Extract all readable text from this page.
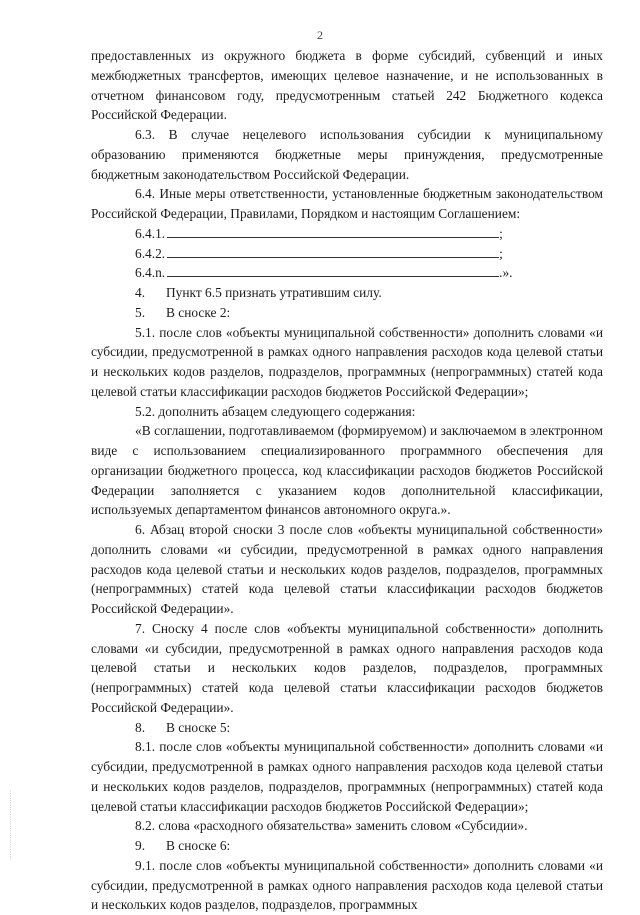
2
…………………………

предоставленных из окружного бюджета в форме субсидий, субвенций и иных межбюджетных трансфертов, имеющих целевое назначение, и не использованных в отчетном финансовом году, предусмотренным статьей 242 Бюджетного кодекса Российской Федерации.

6.3. В случае нецелевого использования субсидии к муниципальному образованию применяются бюджетные меры принуждения, предусмотренные бюджетным законодательством Российской Федерации.

6.4. Иные меры ответственности, установленные бюджетным законодательством Российской Федерации, Правилами, Порядком и настоящим Соглашением:

6.4.1.	;

6.4.2.	;

6.4.n.	.».

4. Пункт 6.5 признать утратившим силу.

5. В сноске 2:

5.1. после слов «объекты муниципальной собственности» дополнить словами «и субсидии, предусмотренной в рамках одного направления расходов кода целевой статьи и нескольких кодов разделов, подразделов, программных (непрограммных) статей кода целевой статьи классификации расходов бюджетов Российской Федерации»;

5.2. дополнить абзацем следующего содержания:

«В соглашении, подготавливаемом (формируемом) и заключаемом в электронном виде с использованием специализированного программного обеспечения для организации бюджетного процесса, код классификации расходов бюджетов Российской Федерации заполняется с указанием кодов дополнительной классификации, используемых департаментом финансов автономного округа.».

6. Абзац второй сноски 3 после слов «объекты муниципальной собственности» дополнить словами «и субсидии, предусмотренной в рамках одного направления расходов кода целевой статьи и нескольких кодов разделов, подразделов, программных (непрограммных) статей кода целевой статьи классификации расходов бюджетов Российской Федерации».

7. Сноску 4 после слов «объекты муниципальной собственности» дополнить словами «и субсидии, предусмотренной в рамках одного направления расходов кода целевой статьи и нескольких кодов разделов, подразделов, программных (непрограммных) статей кода целевой статьи классификации расходов бюджетов Российской Федерации».

8. В сноске 5:

8.1. после слов «объекты муниципальной собственности» дополнить словами «и субсидии, предусмотренной в рамках одного направления расходов кода целевой статьи и нескольких кодов разделов, подразделов, программных (непрограммных) статей кода целевой статьи классификации расходов бюджетов Российской Федерации»;

8.2. слова «расходного обязательства» заменить словом «Субсидии».

9. В сноске 6:

9.1. после слов «объекты муниципальной собственности» дополнить словами «и субсидии, предусмотренной в рамках одного направления расходов кода целевой статьи и нескольких кодов разделов, подразделов, программных
